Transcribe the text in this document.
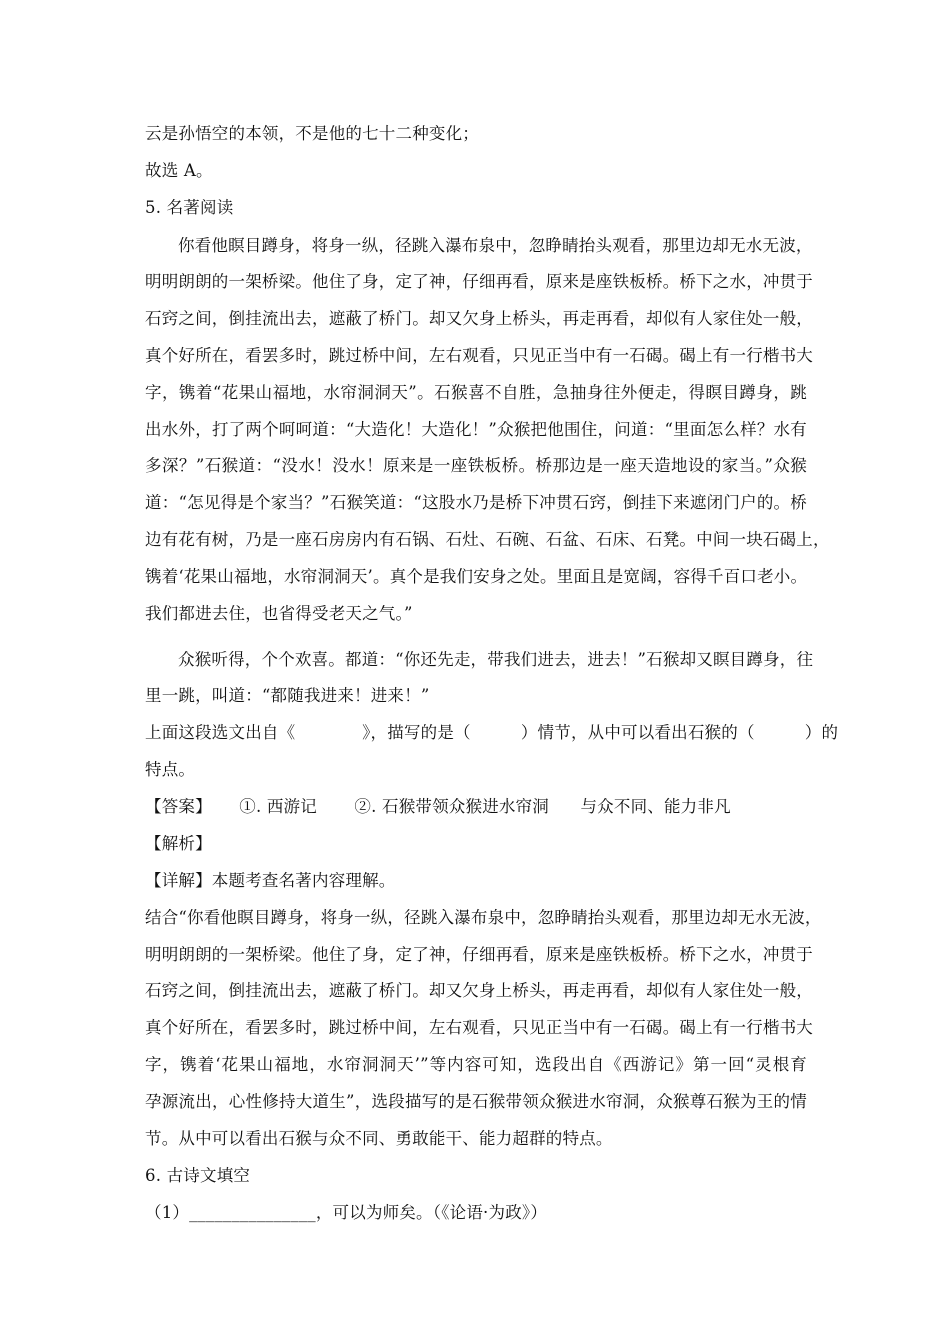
云是孙悟空的本领，不是他的七十二种变化；
故选 A。
5. 名著阅读
你看他瞑目蹲身，将身一纵，径跳入瀑布泉中，忽睁睛抬头观看，那里边却无水无波，
明明朗朗的一架桥梁。他住了身，定了神，仔细再看，原来是座铁板桥。桥下之水，冲贯于
石窍之间，倒挂流出去，遮蔽了桥门。却又欠身上桥头，再走再看，却似有人家住处一般，
真个好所在，看罢多时，跳过桥中间，左右观看，只见正当中有一石碣。碣上有一行楷书大
字，镌着“花果山福地，水帘洞洞天”。石猴喜不自胜，急抽身往外便走，得瞑目蹲身，跳
出水外，打了两个呵呵道：“大造化！大造化！”众猴把他围住，问道：“里面怎么样？水有
多深？”石猴道：“没水！没水！原来是一座铁板桥。桥那边是一座天造地设的家当。”众猴
道：“怎见得是个家当？”石猴笑道：“这股水乃是桥下冲贯石窍，倒挂下来遮闭门户的。桥
边有花有树，乃是一座石房房内有石锅、石灶、石碗、石盆、石床、石凳。中间一块石碣上，
镌着‘花果山福地，水帘洞洞天’。真个是我们安身之处。里面且是宽阔，容得千百口老小。
我们都进去住，也省得受老天之气。”
众猴听得，个个欢喜。都道：“你还先走，带我们进去，进去！”石猴却又瞑目蹲身，往
里一跳，叫道：“都随我进来！进来！”
上面这段选文出自《　　　　》，描写的是（　　　）情节，从中可以看出石猴的（　　　）的
特点。
【答案】 ①. 西游记 ②. 石猴带领众猴进水帘洞 与众不同、能力非凡
【解析】
【详解】本题考查名著内容理解。
结合“你看他瞑目蹲身，将身一纵，径跳入瀑布泉中，忽睁睛抬头观看，那里边却无水无波，
明明朗朗的一架桥梁。他住了身，定了神，仔细再看，原来是座铁板桥。桥下之水，冲贯于
石窍之间，倒挂流出去，遮蔽了桥门。却又欠身上桥头，再走再看，却似有人家住处一般，
真个好所在，看罢多时，跳过桥中间，左右观看，只见正当中有一石碣。碣上有一行楷书大
字，镌着‘花果山福地，水帘洞洞天’”等内容可知，选段出自《西游记》第一回“灵根育
孕源流出，心性修持大道生”，选段描写的是石猴带领众猴进水帘洞，众猴尊石猴为王的情
节。从中可以看出石猴与众不同、勇敢能干、能力超群的特点。
6. 古诗文填空
（1）_______________，可以为师矣。（《论语·为政》）
